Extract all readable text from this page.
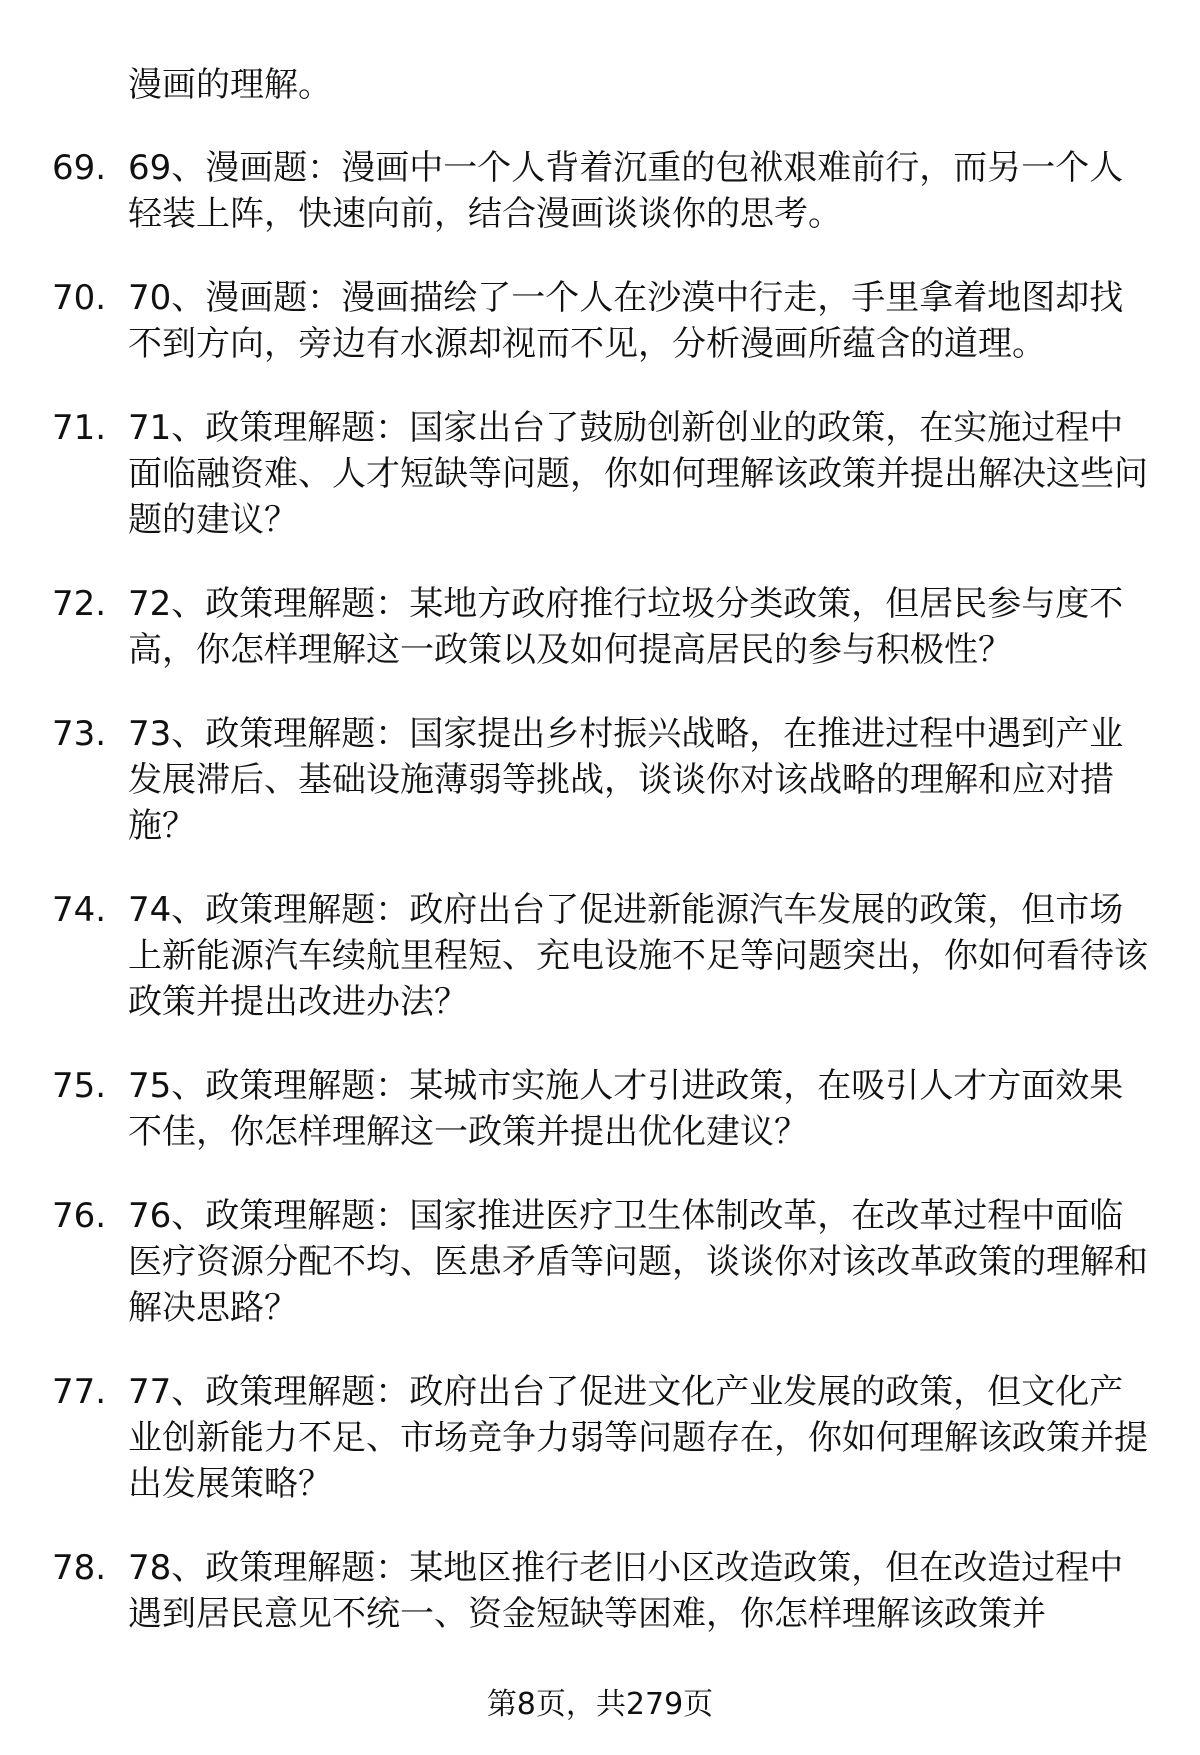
漫画的理解。
69. 69、漫画题：漫画中一个人背着沉重的包袱艰难前行，而另一个人轻装上阵，快速向前，结合漫画谈谈你的思考。
70. 70、漫画题：漫画描绘了一个人在沙漠中行走，手里拿着地图却找不到方向，旁边有水源却视而不见，分析漫画所蕴含的道理。
71. 71、政策理解题：国家出台了鼓励创新创业的政策，在实施过程中面临融资难、人才短缺等问题，你如何理解该政策并提出解决这些问题的建议？
72. 72、政策理解题：某地方政府推行垃圾分类政策，但居民参与度不高，你怎样理解这一政策以及如何提高居民的参与积极性？
73. 73、政策理解题：国家提出乡村振兴战略，在推进过程中遇到产业发展滞后、基础设施薄弱等挑战，谈谈你对该战略的理解和应对措施？
74. 74、政策理解题：政府出台了促进新能源汽车发展的政策，但市场上新能源汽车续航里程短、充电设施不足等问题突出，你如何看待该政策并提出改进办法？
75. 75、政策理解题：某城市实施人才引进政策，在吸引人才方面效果不佳，你怎样理解这一政策并提出优化建议？
76. 76、政策理解题：国家推进医疗卫生体制改革，在改革过程中面临医疗资源分配不均、医患矛盾等问题，谈谈你对该改革政策的理解和解决思路？
77. 77、政策理解题：政府出台了促进文化产业发展的政策，但文化产业创新能力不足、市场竞争力弱等问题存在，你如何理解该政策并提出发展策略？
78. 78、政策理解题：某地区推行老旧小区改造政策，但在改造过程中遇到居民意见不统一、资金短缺等困难，你怎样理解该政策并
第8页，共279页
